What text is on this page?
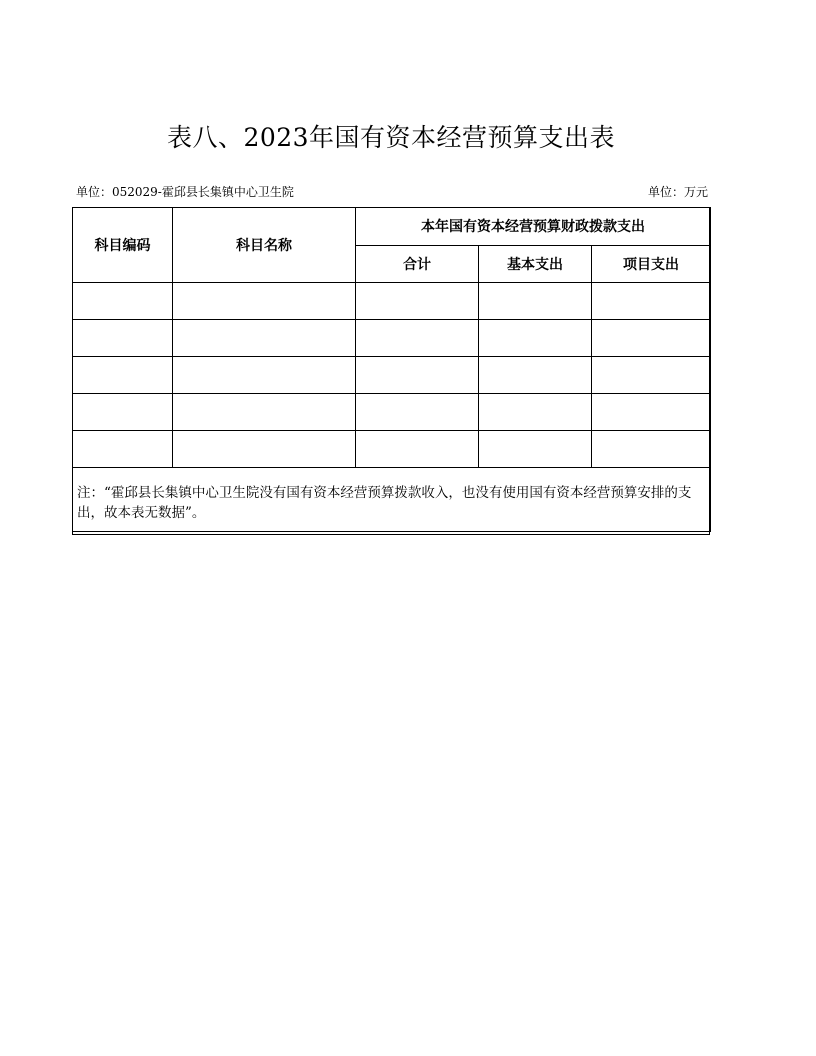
表八、2023年国有资本经营预算支出表
单位：052029-霍邱县长集镇中心卫生院	单位：万元
科目编码	科目名称	本年国有资本经营预算财政拨款支出		
		合计	基本支出	项目支出

注：“霍邱县长集镇中心卫生院没有国有资本经营预算拨款收入，也没有使用国有资本经营预算安排的支出，故本表无数据”。				
